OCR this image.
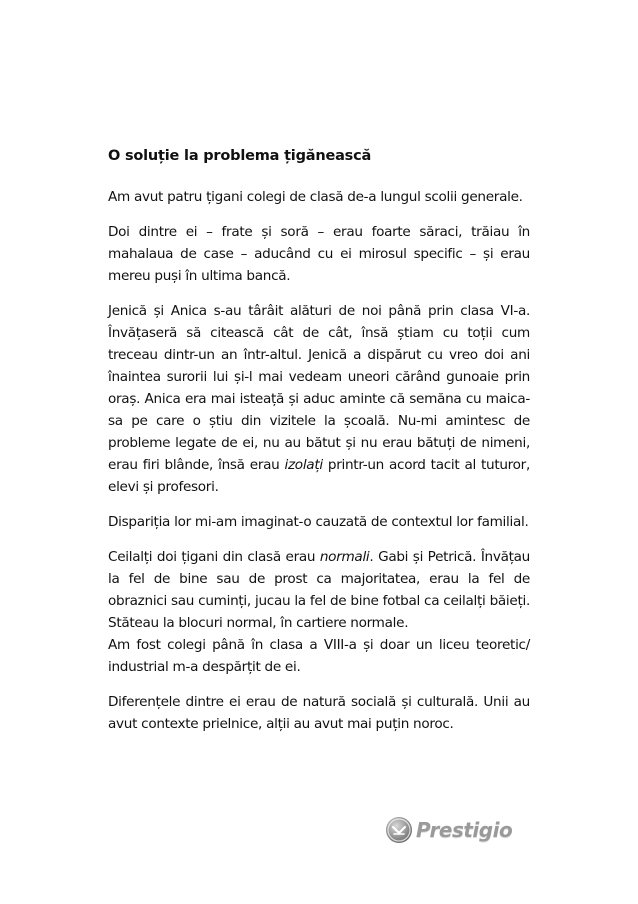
O soluție la problema țigănească

Am avut patru țigani colegi de clasă de-a lungul scolii generale.

Doi dintre ei – frate și soră – erau foarte săraci, trăiau în mahalaua de case – aducând cu ei mirosul specific – și erau mereu puși în ultima bancă.

Jenică și Anica s-au târâit alături de noi până prin clasa VI-a. Învățaseră să citească cât de cât, însă știam cu toții cum treceau dintr-un an într-altul. Jenică a dispărut cu vreo doi ani înaintea surorii lui și-l mai vedeam uneori cărând gunoaie prin oraș. Anica era mai isteață și aduc aminte că semăna cu maica-sa pe care o știu din vizitele la școală. Nu-mi amintesc de probleme legate de ei, nu au bătut și nu erau bătuți de nimeni, erau firi blânde, însă erau izolați printr-un acord tacit al tuturor, elevi și profesori.

Dispariția lor mi-am imaginat-o cauzată de contextul lor familial.

Ceilalți doi țigani din clasă erau normali. Gabi și Petrică. Învățau la fel de bine sau de prost ca majoritatea, erau la fel de obraznici sau cuminți, jucau la fel de bine fotbal ca ceilalți băieți. Stăteau la blocuri normal, în cartiere normale.

Am fost colegi până în clasa a VIII-a și doar un liceu teoretic/ industrial m-a despărțit de ei.

Diferențele dintre ei erau de natură socială și culturală. Unii au avut contexte prielnice, alții au avut mai puțin noroc.

Prestigio
